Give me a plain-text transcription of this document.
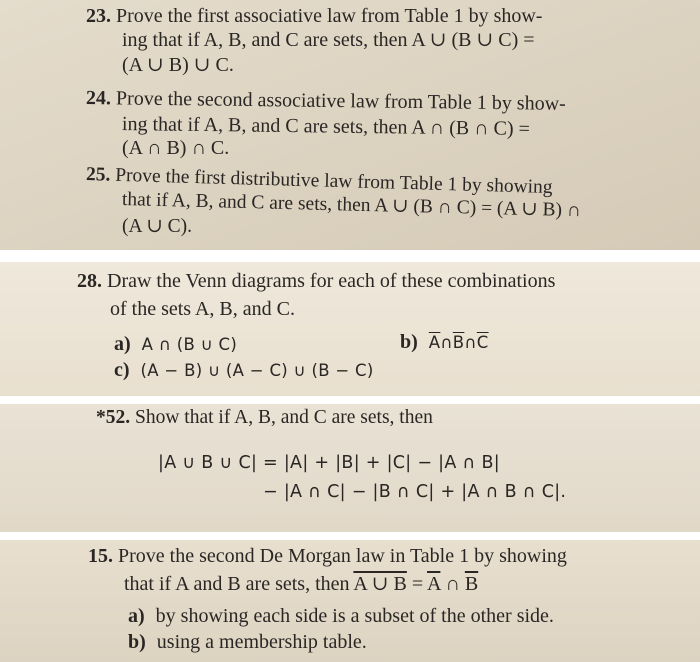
23. Prove the first associative law from Table 1 by show-
ing that if A, B, and C are sets, then A ∪ (B ∪ C) =
(A ∪ B) ∪ C.
24. Prove the second associative law from Table 1 by show-
ing that if A, B, and C are sets, then A ∩ (B ∩ C) =
(A ∩ B) ∩ C.
25. Prove the first distributive law from Table 1 by showing
that if A, B, and C are sets, then A ∪ (B ∩ C) = (A ∪ B) ∩
(A ∪ C).
28. Draw the Venn diagrams for each of these combinations
of the sets A, B, and C.
a) A ∩ (B ∪ C)	b) $\overline{A}\cap\overline{B}\cap\overline{C}$
c) (A − B) ∪ (A − C) ∪ (B − C)
*52. Show that if A, B, and C are sets, then
|A ∪ B ∪ C| = |A| + |B| + |C| − |A ∩ B|
− |A ∩ C| − |B ∩ C| + |A ∩ B ∩ C|.
15. Prove the second De Morgan law in Table 1 by showing
that if A and B are sets, then A ∪ $B = \overline{A}$ ∩ $\overline{B}$
a) by showing each side is a subset of the other side.
b) using a membership table.
